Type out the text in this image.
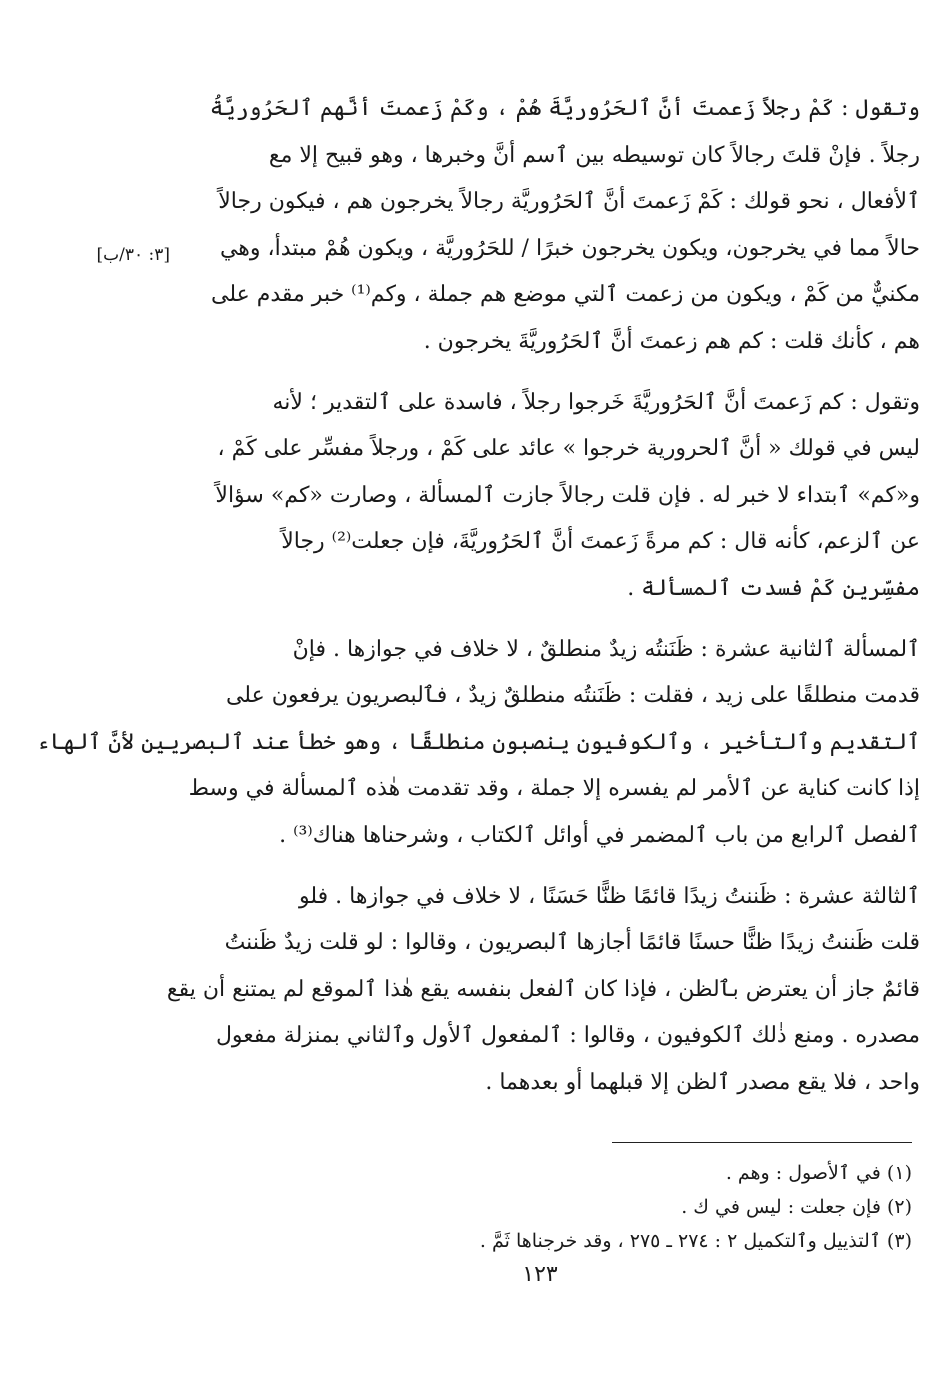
[٣: ٣٠/ب]
وتقول : كَمْ رجلاً زَعمتَ أنَّ ٱلحَرُوريَّةَ هُمْ ، وكَمْ زَعمتَ أنَّهم ٱلحَرُوريَّةُ
رجلاً . فإنْ قلتَ رجالاً كان توسيطه بين ٱسم أنَّ وخبرها ، وهو قبيح إلا مع
ٱلأفعال ، نحو قولك : كَمْ زَعمتَ أنَّ ٱلحَرُوريَّة رجالاً يخرجون هم ، فيكون رجالاً
حالاً مما في يخرجون، ويكون يخرجون خبرًا / للحَرُوريَّة ، ويكون هُمْ مبتدأ، وهي
مكنيٌّ من كَمْ ، ويكون من زعمت ٱلتي موضع هم جملة ، وكم⁽¹⁾ خبر مقدم على
هم ، كأنك قلت : كم هم زعمتَ أنَّ ٱلحَرُوريَّةَ يخرجون .
وتقول : كم زَعمتَ أنَّ ٱلحَرُوريَّةَ خَرجوا رجلاً ، فاسدة على ٱلتقدير ؛ لأنه
ليس في قولك « أنَّ ٱلحرورية خرجوا » عائد على كَمْ ، ورجلاً مفسِّر على كَمْ ،
و«كم» ٱبتداء لا خبر له . فإن قلت رجالاً جازت ٱلمسألة ، وصارت «كم» سؤالاً
عن ٱلزعم، كأنه قال : كم مرةً زَعمتَ أنَّ ٱلحَرُوريَّةَ، فإن جعلت⁽²⁾ رجالاً
مفسِّرين كَمْ فسدت ٱلمسألة .
ٱلمسألة ٱلثانية عشرة : ظَنَنتُه زيدٌ منطلقٌ ، لا خلاف في جوازها . فإنْ
قدمت منطلقًا على زيد ، فقلت : ظَنَنتُه منطلقٌ زيدٌ ، فٱلبصريون يرفعون على
ٱلتقديم وٱلتأخير ، وٱلكوفيون ينصبون منطلقًا ، وهو خطأ عند ٱلبصريين لأنَّ ٱلهاء
إذا كانت كناية عن ٱلأمر لم يفسره إلا جملة ، وقد تقدمت هٰذه ٱلمسألة في وسط
ٱلفصل ٱلرابع من باب ٱلمضمر في أوائل ٱلكتاب ، وشرحناها هناك⁽³⁾ .
ٱلثالثة عشرة : ظَننتُ زيدًا قائمًا ظنًّا حَسَنًا ، لا خلاف في جوازها . فلو
قلت ظَننتُ زيدًا ظنًّا حسنًا قائمًا أجازها ٱلبصريون ، وقالوا : لو قلت زيدٌ ظَننتُ
قائمٌ جاز أن يعترض بٱلظن ، فإذا كان ٱلفعل بنفسه يقع هٰذا ٱلموقع لم يمتنع أن يقع
مصدره . ومنع ذٰلك ٱلكوفيون ، وقالوا : ٱلمفعول ٱلأول وٱلثاني بمنزلة مفعول
واحد ، فلا يقع مصدر ٱلظن إلا قبلهما أو بعدهما .
(١) في ٱلأصول : وهم .
(٢) فإن جعلت : ليس في ك .
(٣) ٱلتذييل وٱلتكميل ٢ : ٢٧٤ ـ ٢٧٥ ، وقد خرجناها ثَمَّ .
١٢٣
